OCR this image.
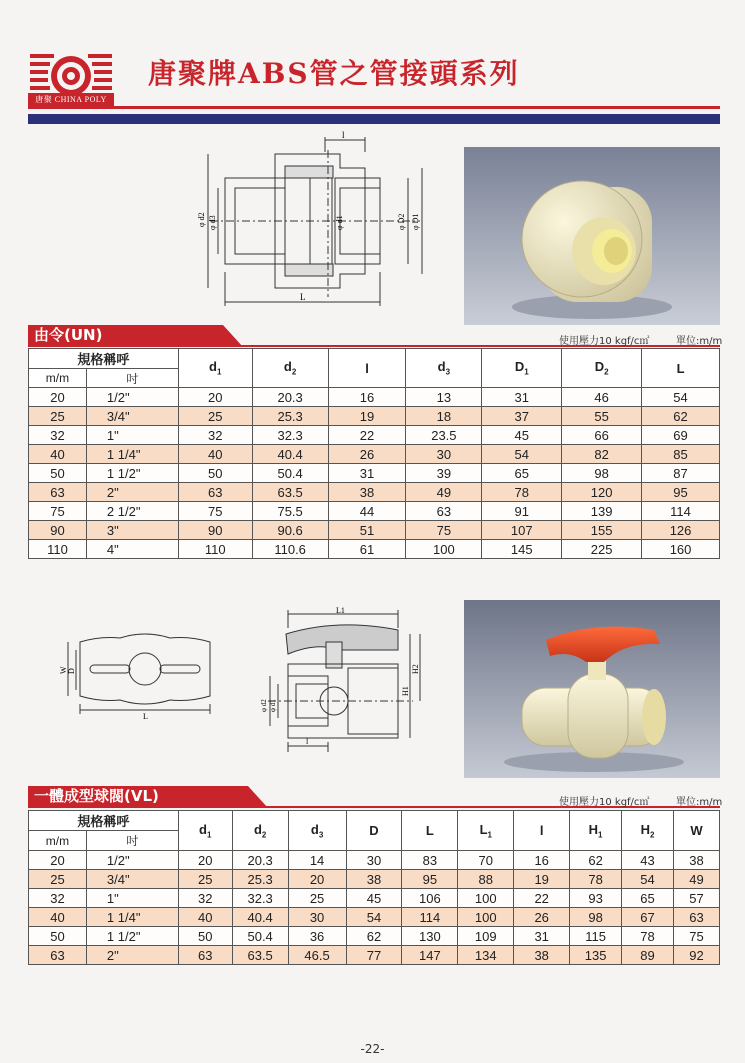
唐聚 CHINA POLY
唐聚牌ABS管之管接頭系列
l
L
φ d2 φ d3	φ d1	φ D2 φ D1
由令(UN)	使用壓力10 kgf/c㎡	單位:m/m
規格稱呼		$d_1$	$d_2$	l	$d_3$	$D_1$	$D_2$	L
m/m	吋							
20	1/2"	20	20.3	16	13	31	46	54
25	3/4"	25	25.3	19	18	37	55	62
32	1"	32	32.3	22	23.5	45	66	69
40	1 1/4"	40	40.4	26	30	54	82	85
50	1 1/2"	50	50.4	31	39	65	98	87
63	2"	63	63.5	38	49	78	120	95
75	2 1/2"	75	75.5	44	63	91	139	114
90	3"	90	90.6	51	75	107	155	126
110	4"	110	110.6	61	100	145	225	160
W D
L
L1
H1
H2
l
φ d2 φ d1
一體成型球閥(VL)	使用壓力10 kgf/c㎡	單位:m/m
規格稱呼		$d_1$	$d_2$	$d_3$	D	L	$L_1$	l	$H_1$	$H_2$	W
m/m	吋										
20	1/2"	20	20.3	14	30	83	70	16	62	43	38
25	3/4"	25	25.3	20	38	95	88	19	78	54	49
32	1"	32	32.3	25	45	106	100	22	93	65	57
40	1 1/4"	40	40.4	30	54	114	100	26	98	67	63
50	1 1/2"	50	50.4	36	62	130	109	31	115	78	75
63	2"	63	63.5	46.5	77	147	134	38	135	89	92
-22-
